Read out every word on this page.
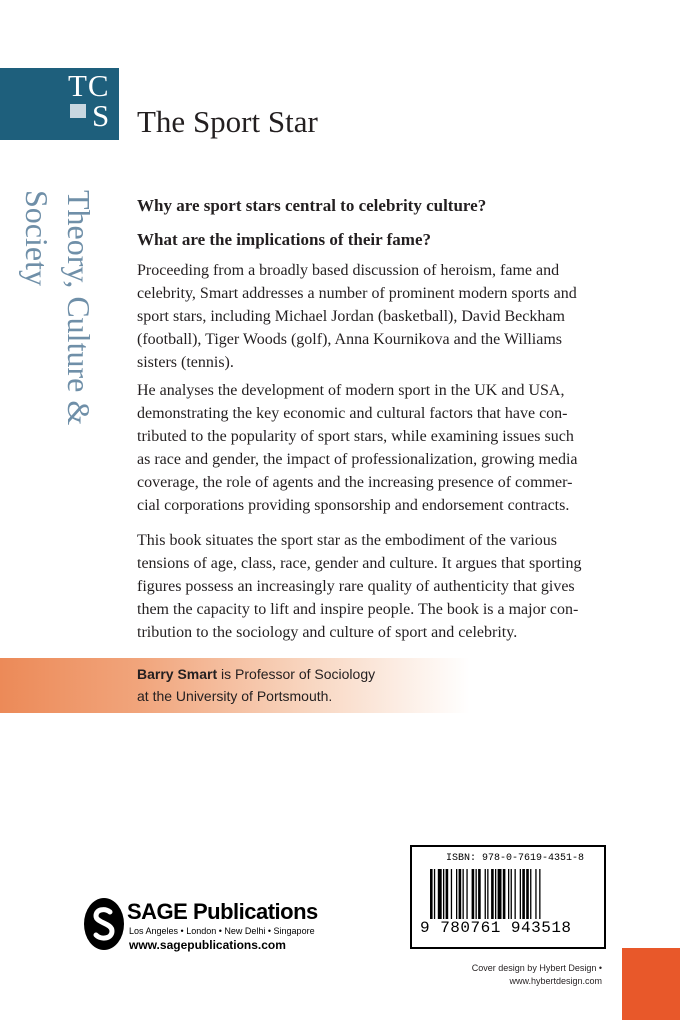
TC
S The Sport Star
Theory, Culture &
Society	Why are sport stars central to celebrity culture?
What are the implications of their fame?
Proceeding from a broadly based discussion of heroism, fame and
celebrity, Smart addresses a number of prominent modern sports and
sport stars, including Michael Jordan (basketball), David Beckham
(football), Tiger Woods (golf), Anna Kournikova and the Williams
sisters (tennis).
He analyses the development of modern sport in the UK and USA,
demonstrating the key economic and cultural factors that have con-
tributed to the popularity of sport stars, while examining issues such
as race and gender, the impact of professionalization, growing media
coverage, the role of agents and the increasing presence of commer-
cial corporations providing sponsorship and endorsement contracts.
This book situates the sport star as the embodiment of the various
tensions of age, class, race, gender and culture. It argues that sporting
figures possess an increasingly rare quality of authenticity that gives
them the capacity to lift and inspire people. The book is a major con-
tribution to the sociology and culture of sport and celebrity.
Barry Smart is Professor of Sociology
at the University of Portsmouth.
SAGE Publications
Los Angeles • London • New Delhi • Singapore
www.sagepublications.com
ISBN: 978-0-7619-4351-8
9 780761 943518
Cover design by Hybert Design •
www.hybertdesign.com
